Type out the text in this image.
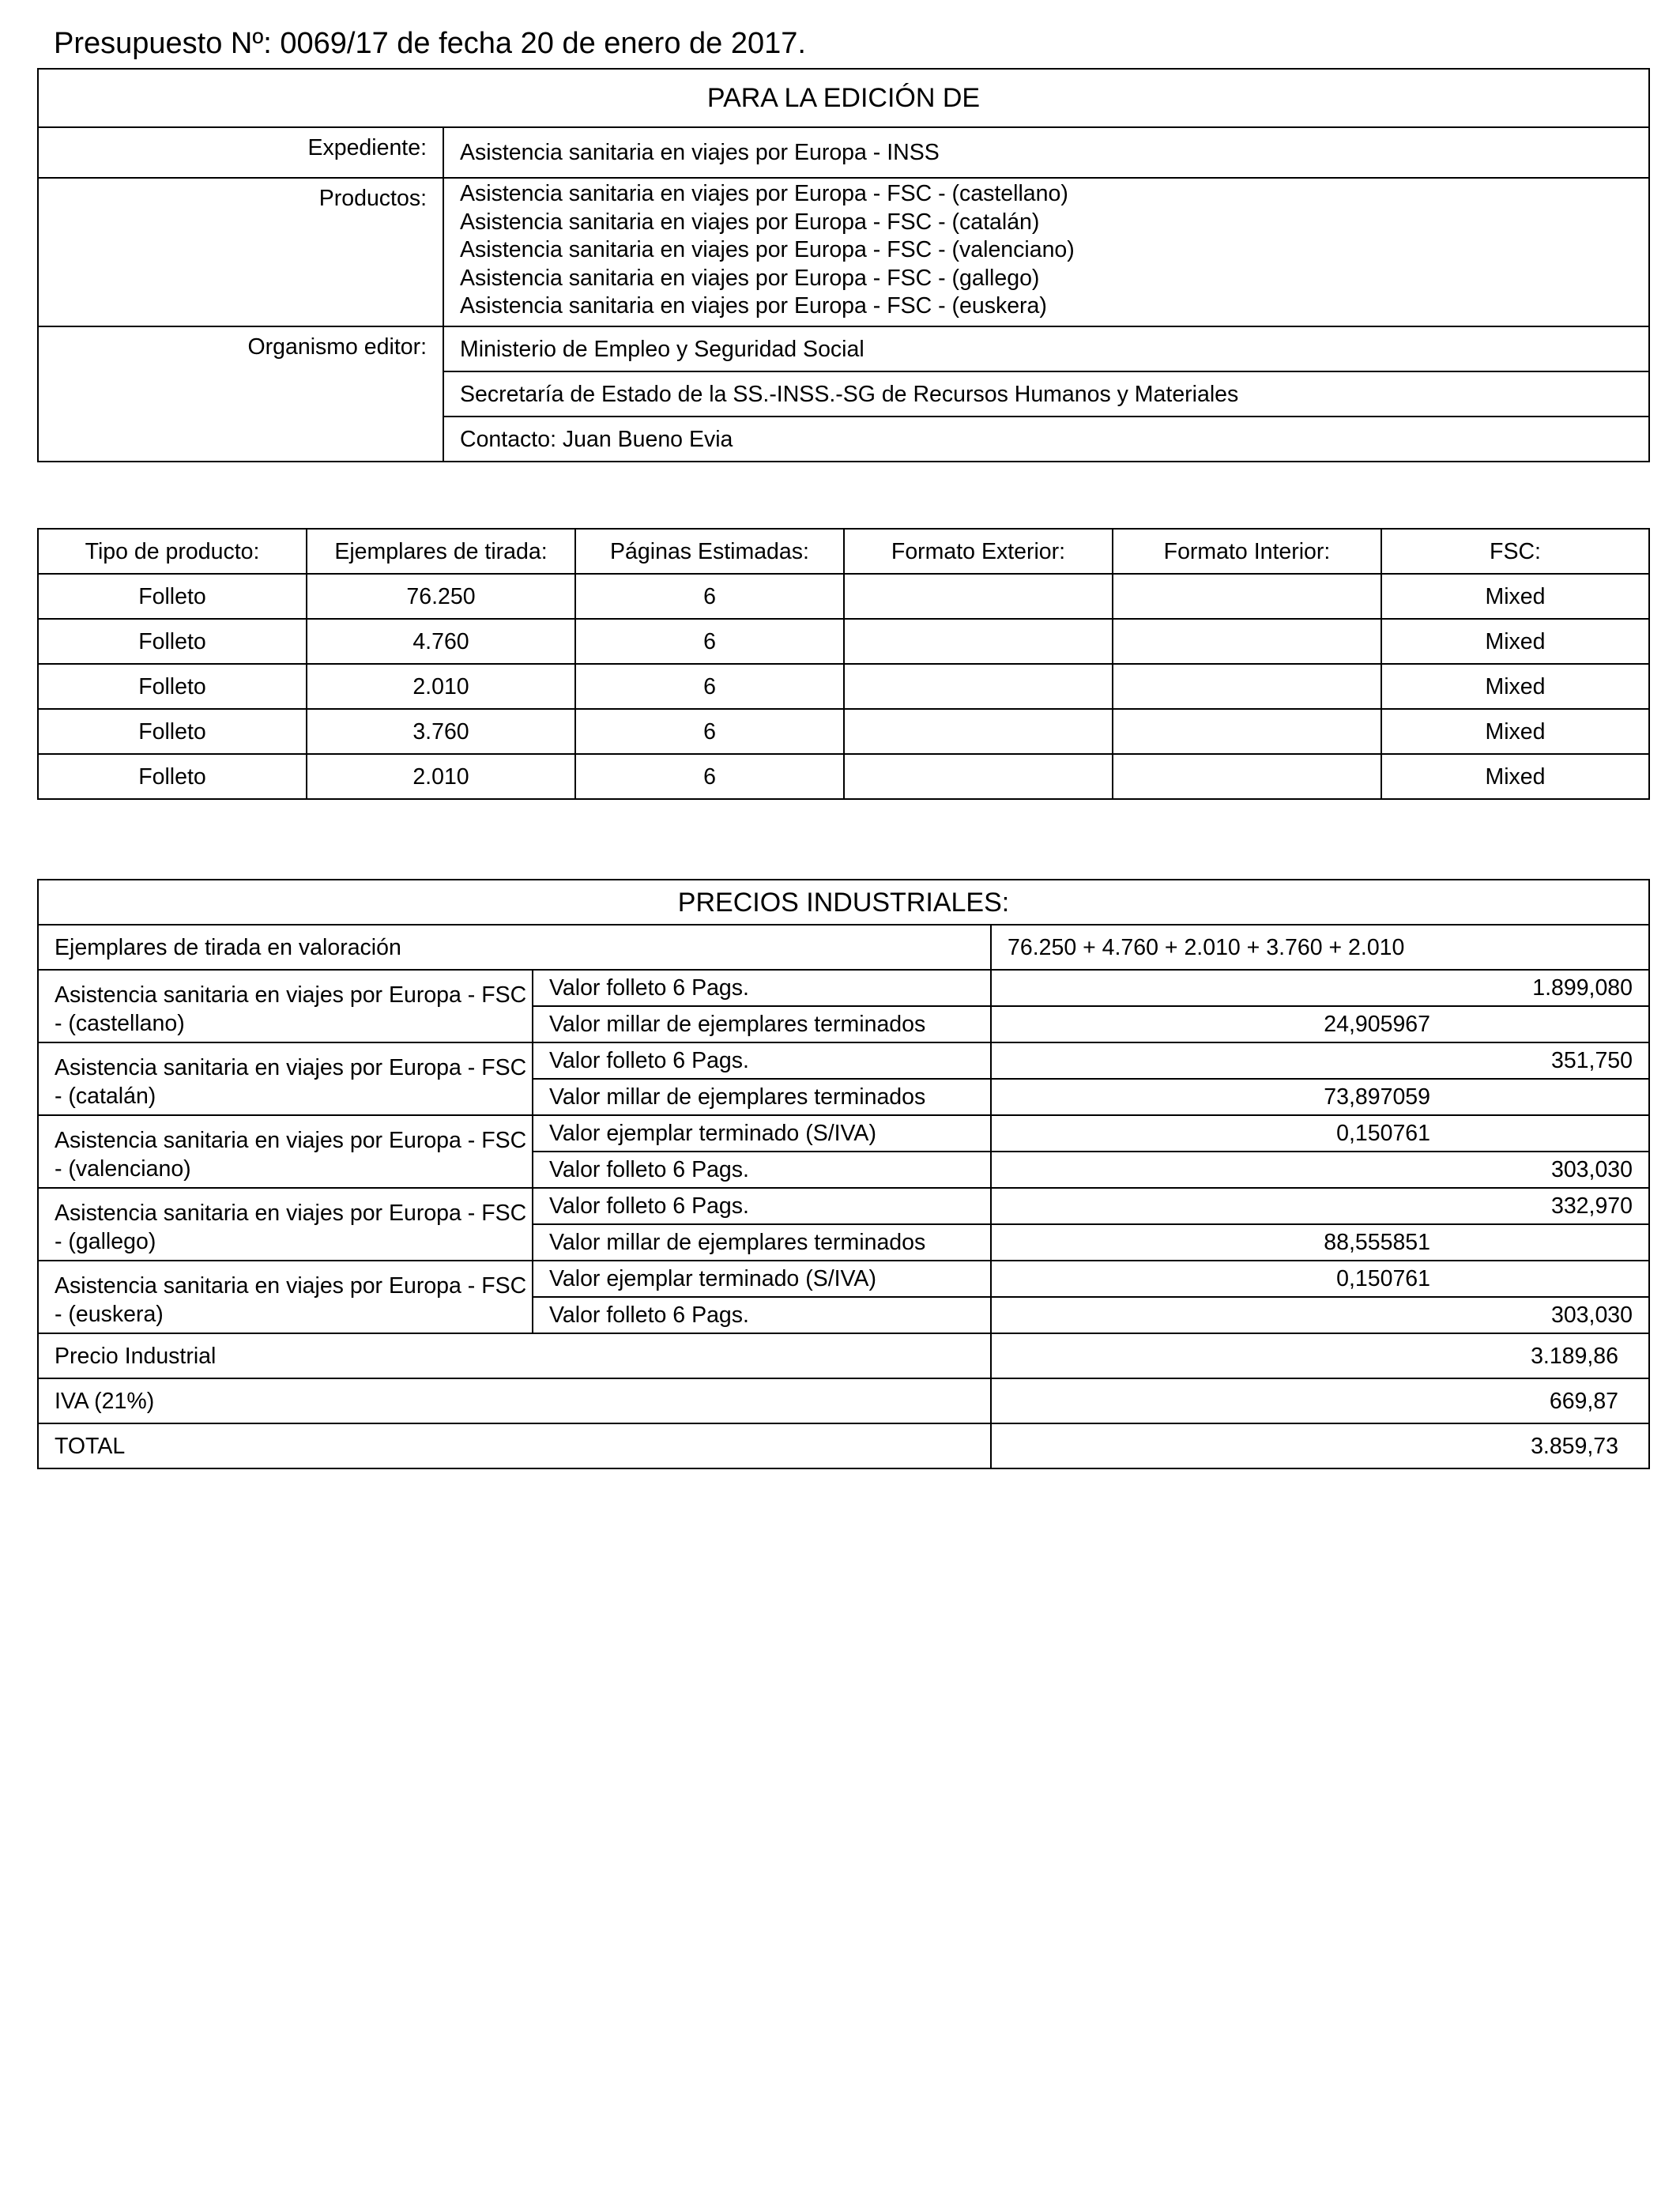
Presupuesto Nº: 0069/17 de fecha 20 de enero de 2017.
PARA LA EDICIÓN DE	
Expediente:	Asistencia sanitaria en viajes por Europa - INSS
Productos:	Asistencia sanitaria en viajes por Europa - FSC - (castellano)
Asistencia sanitaria en viajes por Europa - FSC - (catalán)
Asistencia sanitaria en viajes por Europa - FSC - (valenciano)
Asistencia sanitaria en viajes por Europa - FSC - (gallego)
Asistencia sanitaria en viajes por Europa - FSC - (euskera)

Organismo editor:	Ministerio de Empleo y Seguridad Social
	Secretaría de Estado de la SS.-INSS.-SG de Recursos Humanos y Materiales
	Contacto: Juan Bueno Evia
Tipo de producto:	Ejemplares de tirada:	Páginas Estimadas:	Formato Exterior:	Formato Interior:	FSC:
Folleto	76.250	6			Mixed
Folleto	4.760	6			Mixed
Folleto	2.010	6			Mixed
Folleto	3.760	6			Mixed
Folleto	2.010	6			Mixed
PRECIOS INDUSTRIALES:		
Ejemplares de tirada en valoración		76.250 + 4.760 + 2.010 + 3.760 + 2.010
Asistencia sanitaria en viajes por Europa - FSC - (castellano)	Valor folleto 6 Pags.	1.899,080
	Valor millar de ejemplares terminados	24,905967
Asistencia sanitaria en viajes por Europa - FSC - (catalán)	Valor folleto 6 Pags.	351,750
	Valor millar de ejemplares terminados	73,897059
Asistencia sanitaria en viajes por Europa - FSC - (valenciano)	Valor ejemplar terminado (S/IVA)	0,150761
	Valor folleto 6 Pags.	303,030
Asistencia sanitaria en viajes por Europa - FSC - (gallego)	Valor folleto 6 Pags.	332,970
	Valor millar de ejemplares terminados	88,555851
Asistencia sanitaria en viajes por Europa - FSC - (euskera)	Valor ejemplar terminado (S/IVA)	0,150761
	Valor folleto 6 Pags.	303,030
Precio Industrial		3.189,86
IVA (21%)		669,87
TOTAL		3.859,73
